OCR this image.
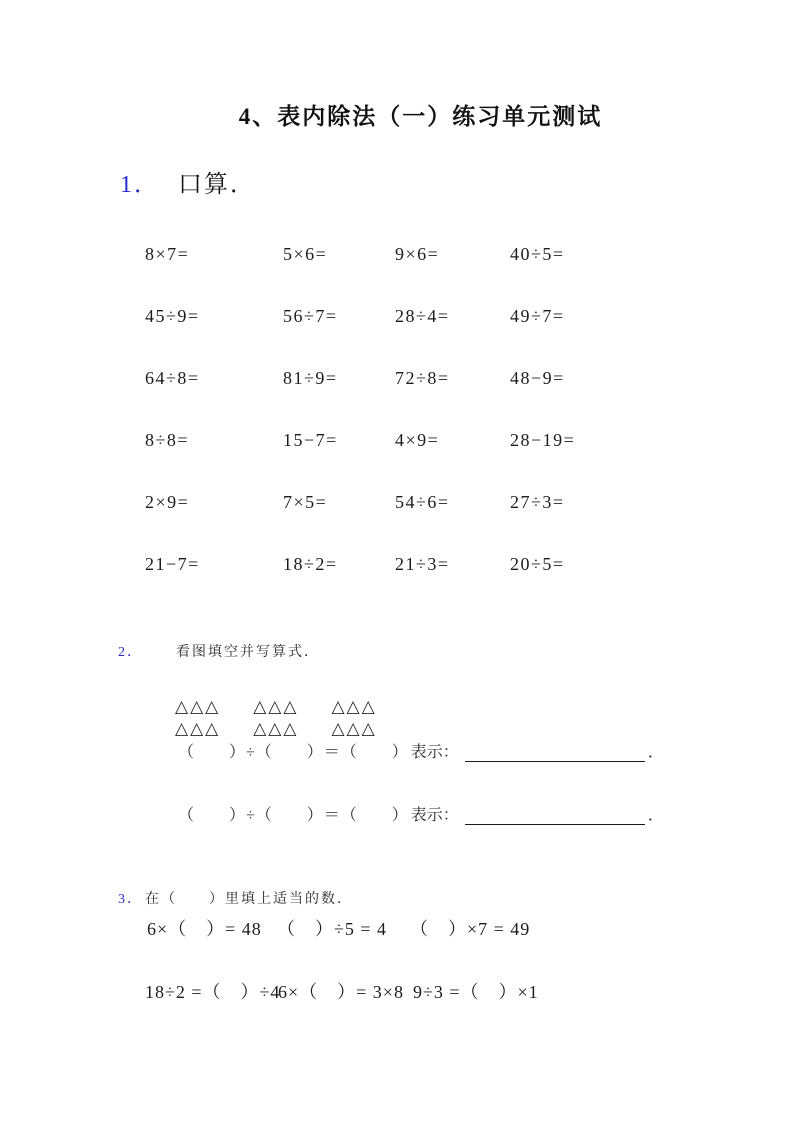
4、表内除法（一）练习单元测试
1． 口算．
8×7=	5×6=	9×6=	40÷5=
45÷9=	56÷7=	28÷4=	49÷7=
64÷8=	81÷9=	72÷8=	48−9=
8÷8=	15−7=	4×9=	28−19=
2×9=	7×5=	54÷6=	27÷3=
21−7=	18÷2=	21÷3=	20÷5=
2． 看图填空并写算式．
△△△ △△△ △△△
△△△ △△△ △△△
（　　）÷（　　）＝（　　） 表示：	．
（　　）÷（　　）＝（　　） 表示：	．
3． 在（　　）里填上适当的数．
6×（　）= 48 （　）÷5 = 4 （　）×7 = 49
18÷2 =（　）÷4
6×（　）= 3×8 9÷3 =（　）×1
